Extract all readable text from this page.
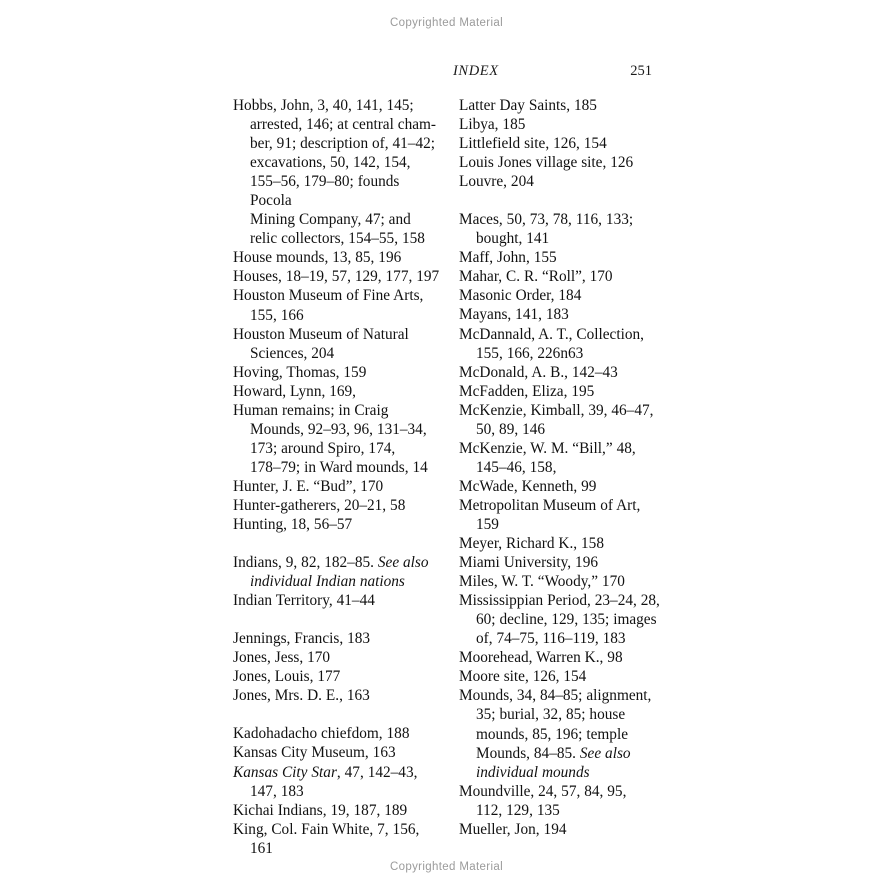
Copyrighted Material
INDEX	251
Hobbs, John, 3, 40, 141, 145;
arrested, 146; at central cham-
ber, 91; description of, 41–42;
excavations, 50, 142, 154,
155–56, 179–80; founds Pocola
Mining Company, 47; and
relic collectors, 154–55, 158
House mounds, 13, 85, 196
Houses, 18–19, 57, 129, 177, 197
Houston Museum of Fine Arts,
155, 166
Houston Museum of Natural
Sciences, 204
Hoving, Thomas, 159
Howard, Lynn, 169,
Human remains; in Craig
Mounds, 92–93, 96, 131–34,
173; around Spiro, 174,
178–79; in Ward mounds, 14
Hunter, J. E. “Bud”, 170
Hunter-gatherers, 20–21, 58
Hunting, 18, 56–57
Indians, 9, 82, 182–85. See also
individual Indian nations
Indian Territory, 41–44
Jennings, Francis, 183
Jones, Jess, 170
Jones, Louis, 177
Jones, Mrs. D. E., 163
Kadohadacho chiefdom, 188
Kansas City Museum, 163
Kansas City Star, 47, 142–43,
147, 183
Kichai Indians, 19, 187, 189
King, Col. Fain White, 7, 156,
161
Latter Day Saints, 185
Libya, 185
Littlefield site, 126, 154
Louis Jones village site, 126
Louvre, 204
Maces, 50, 73, 78, 116, 133;
bought, 141
Maff, John, 155
Mahar, C. R. “Roll”, 170
Masonic Order, 184
Mayans, 141, 183
McDannald, A. T., Collection,
155, 166, 226n63
McDonald, A. B., 142–43
McFadden, Eliza, 195
McKenzie, Kimball, 39, 46–47,
50, 89, 146
McKenzie, W. M. “Bill,” 48,
145–46, 158,
McWade, Kenneth, 99
Metropolitan Museum of Art,
159
Meyer, Richard K., 158
Miami University, 196
Miles, W. T. “Woody,” 170
Mississippian Period, 23–24, 28,
60; decline, 129, 135; images
of, 74–75, 116–119, 183
Moorehead, Warren K., 98
Moore site, 126, 154
Mounds, 34, 84–85; alignment,
35; burial, 32, 85; house
mounds, 85, 196; temple
Mounds, 84–85. See also
individual mounds
Moundville, 24, 57, 84, 95,
112, 129, 135
Mueller, Jon, 194
Copyrighted Material
